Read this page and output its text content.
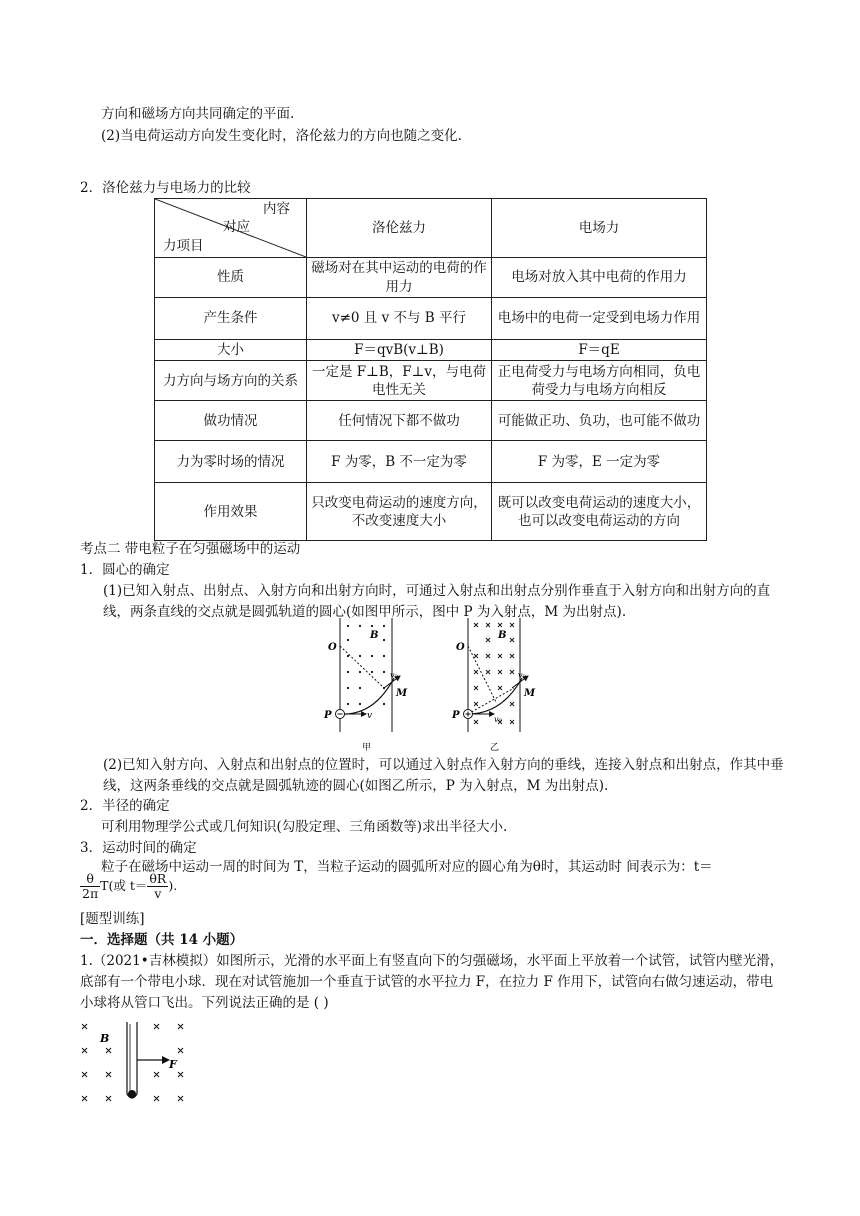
方向和磁场方向共同确定的平面.
(2)当电荷运动方向发生变化时，洛伦兹力的方向也随之变化.
2．洛伦兹力与电场力的比较
内容
对应
力项目	洛伦兹力	电场力
性质	磁场对在其中运动的电荷的作用力	电场对放入其中电荷的作用力
产生条件	v≠0 且 v 不与 B 平行	电场中的电荷一定受到电场力作用
大小	F＝qvB(v⊥B)	F＝qE
力方向与场方向的关系	一定是 F⊥B，F⊥v，与电荷电性无关	正电荷受力与电场方向相同，负电荷受力与电场方向相反
做功情况	任何情况下都不做功	可能做正功、负功，也可能不做功
力为零时场的情况	F 为零，B 不一定为零	F 为零，E 一定为零
作用效果	只改变电荷运动的速度方向，不改变速度大小	既可以改变电荷运动的速度大小，也可以改变电荷运动的方向
考点二 带电粒子在匀强磁场中的运动
1．圆心的确定
(1)已知入射点、出射点、入射方向和出射方向时，可通过入射点和出射点分别作垂直于入射方向和出射方向的直线，两条直线的交点就是圆弧轨道的圆心(如图甲所示，图中 P 为入射点，M 为出射点).
O
B
v₀
M
P	v
甲
O
B
v₀
M
P	v₀
乙
(2)已知入射方向、入射点和出射点的位置时，可以通过入射点作入射方向的垂线，连接入射点和出射点，作其中垂线，这两条垂线的交点就是圆弧轨迹的圆心(如图乙所示，P 为入射点，M 为出射点).
2．半径的确定
可利用物理学公式或几何知识(勾股定理、三角函数等)求出半径大小.
3．运动时间的确定
粒子在磁场中运动一周的时间为 T，当粒子运动的圆弧所对应的圆心角为θ时，其运动时 间表示为：t＝
$\frac{\theta}{2\pi} T$(或 $t= \frac{\theta R}{v}$ ).
[题型训练]
一．选择题（共 14 小题）
1.（2021•吉林模拟）如图所示，光滑的水平面上有竖直向下的匀强磁场，水平面上平放着一个试管，试管内壁光滑，底部有一个带电小球．现在对试管施加一个垂直于试管的水平拉力 F，在拉力 F 作用下，试管向右做匀速运动，带电小球将从管口飞出。下列说法正确的是 ( )
B
F
